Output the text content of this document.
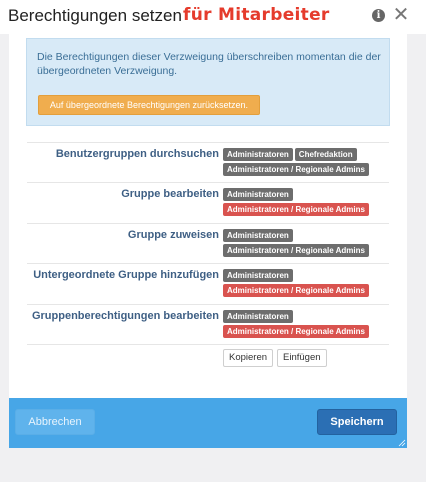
Berechtigungen setzen für Mitarbeiter	i ✕
Die Berechtigungen dieser Verzweigung überschreiben momentan die der übergeordneten Verzweigung.
Auf übergeordnete Berechtigungen zurücksetzen.
Benutzergruppen durchsuchen	Administratoren	Chefredaktion
Administratoren / Regionale Admins
Gruppe bearbeiten	Administratoren
Administratoren / Regionale Admins
Gruppe zuweisen	Administratoren
Administratoren / Regionale Admins
Untergeordnete Gruppe hinzufügen	Administratoren
Administratoren / Regionale Admins
Gruppenberechtigungen bearbeiten	Administratoren
Administratoren / Regionale Admins
Kopieren	Einfügen
Abbrechen	Speichern
